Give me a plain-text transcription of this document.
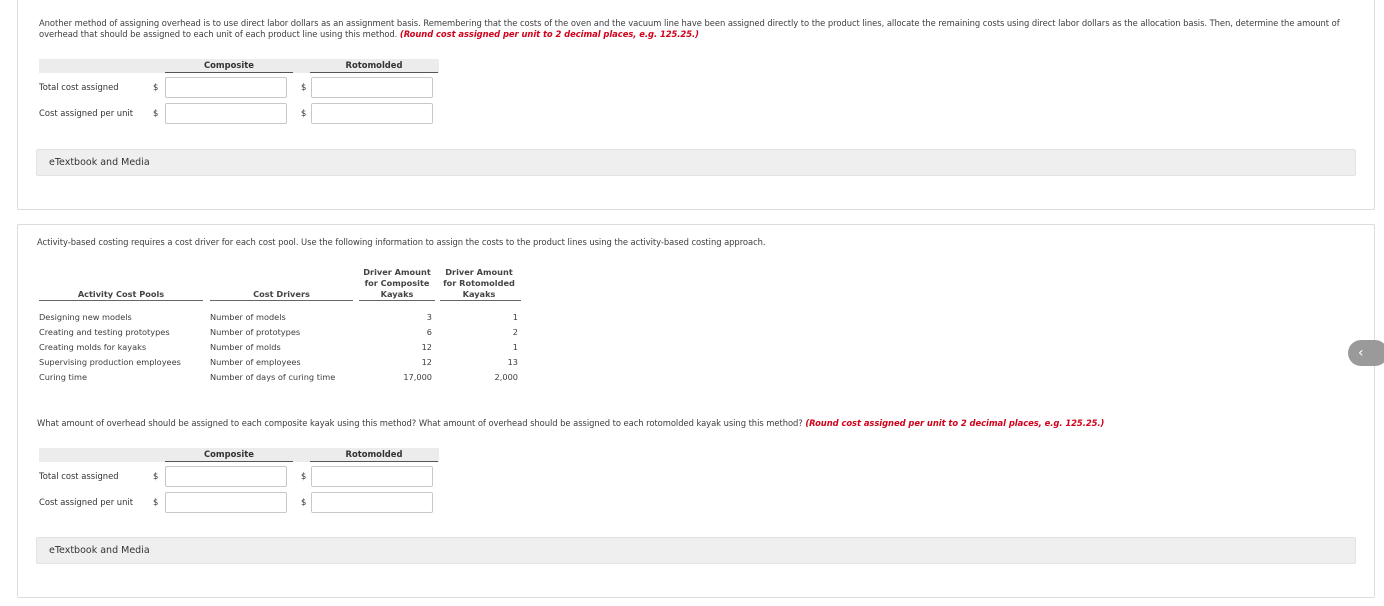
Another method of assigning overhead is to use direct labor dollars as an assignment basis. Remembering that the costs of the oven and the vacuum line have been assigned directly to the product lines, allocate the remaining costs using direct labor dollars as the allocation basis. Then, determine the amount of overhead that should be assigned to each unit of each product line using this method. (Round cost assigned per unit to 2 decimal places, e.g. 125.25.)
Composite	Rotomolded
Total cost assigned	$	$
Cost assigned per unit $	$
eTextbook and Media
Activity-based costing requires a cost driver for each cost pool. Use the following information to assign the costs to the product lines using the activity-based costing approach.
Driver Amount
for Composite
Kayaks
Driver Amount
for Rotomolded
Kayaks
Activity Cost Pools	Cost Drivers
Designing new models	Number of models	3	1
Creating and testing prototypes	Number of prototypes	6	2
Creating molds for kayaks	Number of molds	12	1
Supervising production employees	Number of employees	12	13
Curing time	Number of days of curing time	17,000	2,000
What amount of overhead should be assigned to each composite kayak using this method? What amount of overhead should be assigned to each rotomolded kayak using this method? (Round cost assigned per unit to 2 decimal places, e.g. 125.25.)
Composite	Rotomolded
Total cost assigned	$	$
Cost assigned per unit $	$
eTextbook and Media
‹
